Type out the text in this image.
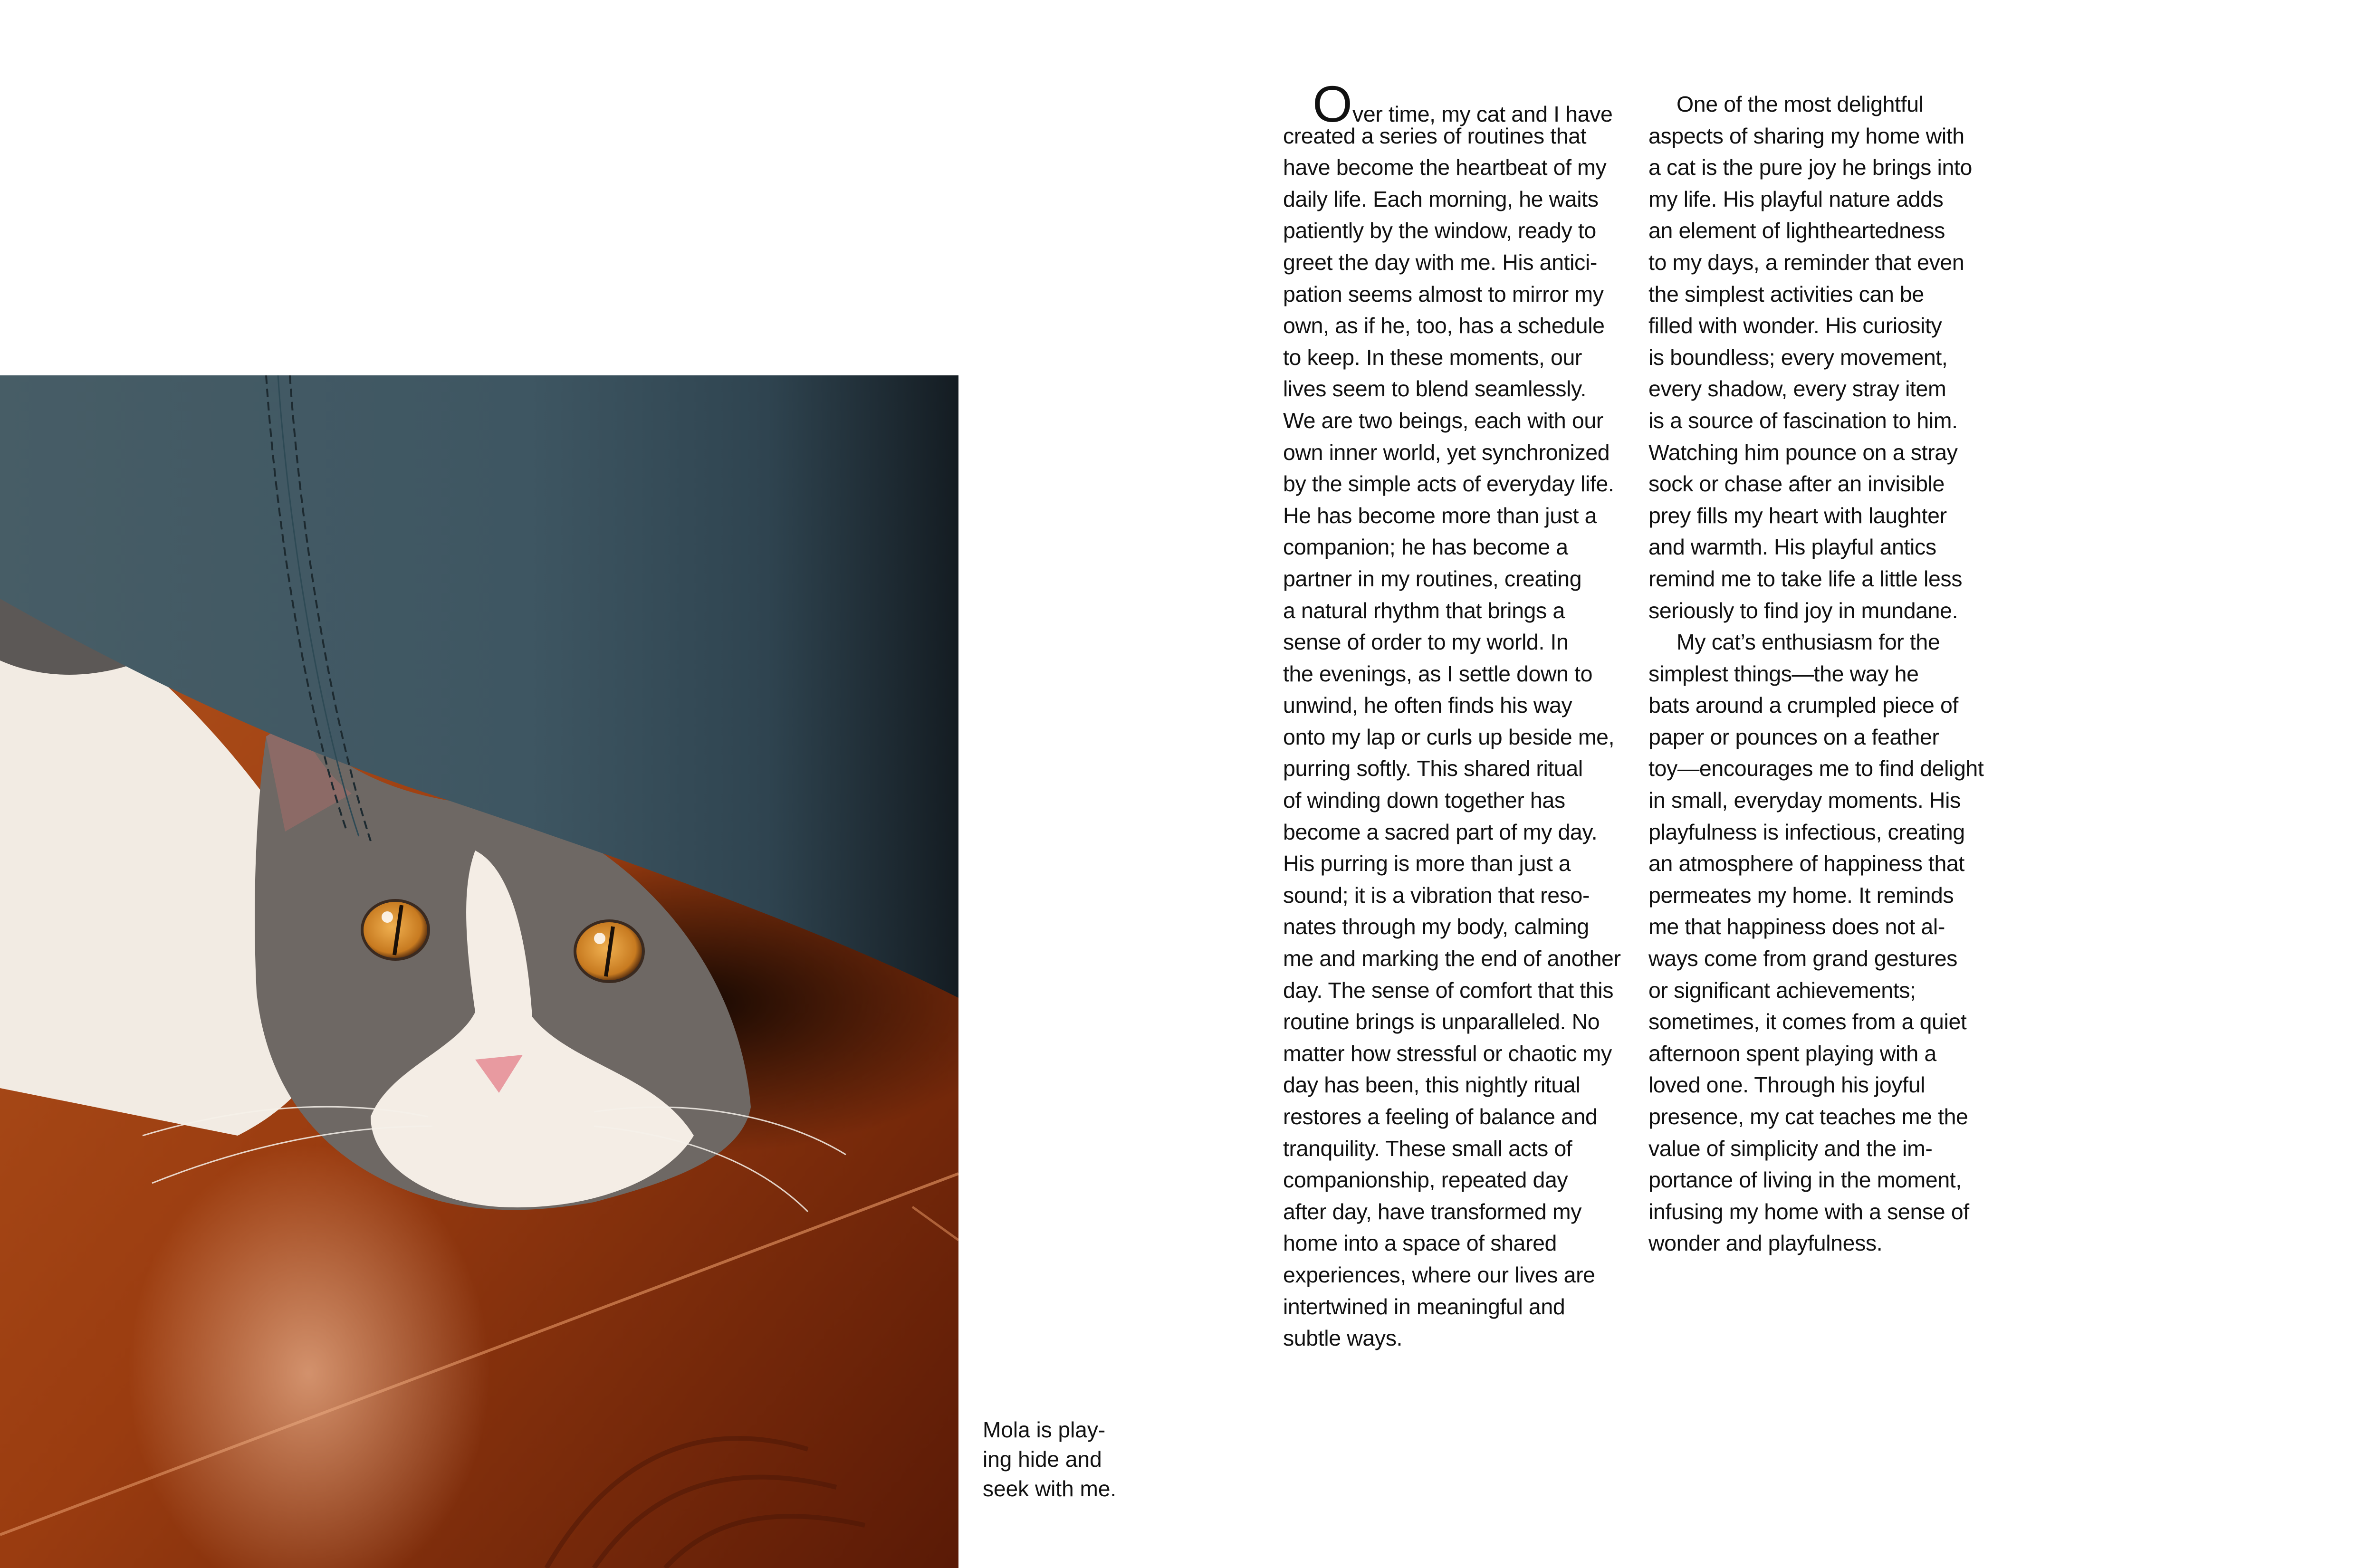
Mola is play-
ing hide and
seek with me.
Over time, my cat and I have
created a series of routines that
have become the heartbeat of my
daily life. Each morning, he waits
patiently by the window, ready to
greet the day with me. His antici-
pation seems almost to mirror my
own, as if he, too, has a schedule
to keep. In these moments, our
lives seem to blend seamlessly.
We are two beings, each with our
own inner world, yet synchronized
by the simple acts of everyday life.
He has become more than just a
companion; he has become a
partner in my routines, creating
a natural rhythm that brings a
sense of order to my world. In
the evenings, as I settle down to
unwind, he often finds his way
onto my lap or curls up beside me,
purring softly. This shared ritual
of winding down together has
become a sacred part of my day.
His purring is more than just a
sound; it is a vibration that reso-
nates through my body, calming
me and marking the end of another
day. The sense of comfort that this
routine brings is unparalleled. No
matter how stressful or chaotic my
day has been, this nightly ritual
restores a feeling of balance and
tranquility. These small acts of
companionship, repeated day
after day, have transformed my
home into a space of shared
experiences, where our lives are
intertwined in meaningful and
subtle ways.
One of the most delightful
aspects of sharing my home with
a cat is the pure joy he brings into
my life. His playful nature adds
an element of lightheartedness
to my days, a reminder that even
the simplest activities can be
filled with wonder. His curiosity
is boundless; every movement,
every shadow, every stray item
is a source of fascination to him.
Watching him pounce on a stray
sock or chase after an invisible
prey fills my heart with laughter
and warmth. His playful antics
remind me to take life a little less
seriously to find joy in mundane.
My cat’s enthusiasm for the
simplest things—the way he
bats around a crumpled piece of
paper or pounces on a feather
toy—encourages me to find delight
in small, everyday moments. His
playfulness is infectious, creating
an atmosphere of happiness that
permeates my home. It reminds
me that happiness does not al-
ways come from grand gestures
or significant achievements;
sometimes, it comes from a quiet
afternoon spent playing with a
loved one. Through his joyful
presence, my cat teaches me the
value of simplicity and the im-
portance of living in the moment,
infusing my home with a sense of
wonder and playfulness.
